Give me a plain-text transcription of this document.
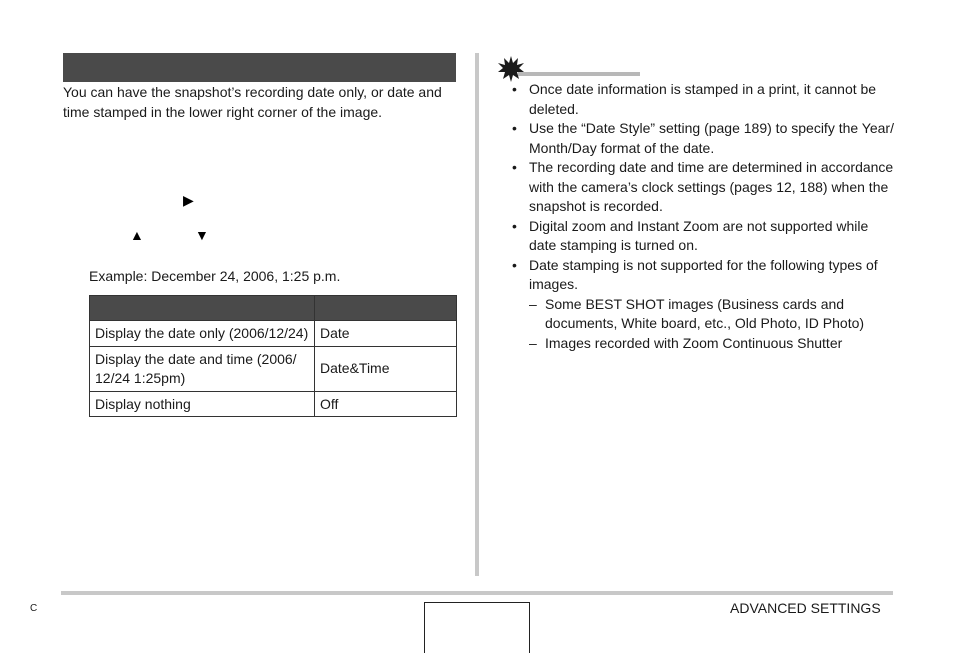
You can have the snapshot’s recording date only, or date and time stamped in the lower right corner of the image.
▶
▲	▼
Example: December 24, 2006, 1:25 p.m.

Display the date only (2006/12/24)	Date
Display the date and time (2006/ 12/24 1:25pm)	Date&Time
Display nothing	Off
• Once date information is stamped in a print, it cannot be deleted.
• Use the “Date Style” setting (page 189) to specify the Year/ Month/Day format of the date.
• The recording date and time are determined in accordance with the camera’s clock settings (pages 12, 188) when the snapshot is recorded.
• Digital zoom and Instant Zoom are not supported while date stamping is turned on.
• Date stamping is not supported for the following types of images.
– Some BEST SHOT images (Business cards and documents, White board, etc., Old Photo, ID Photo)
– Images recorded with Zoom Continuous Shutter
C	ADVANCED SETTINGS
